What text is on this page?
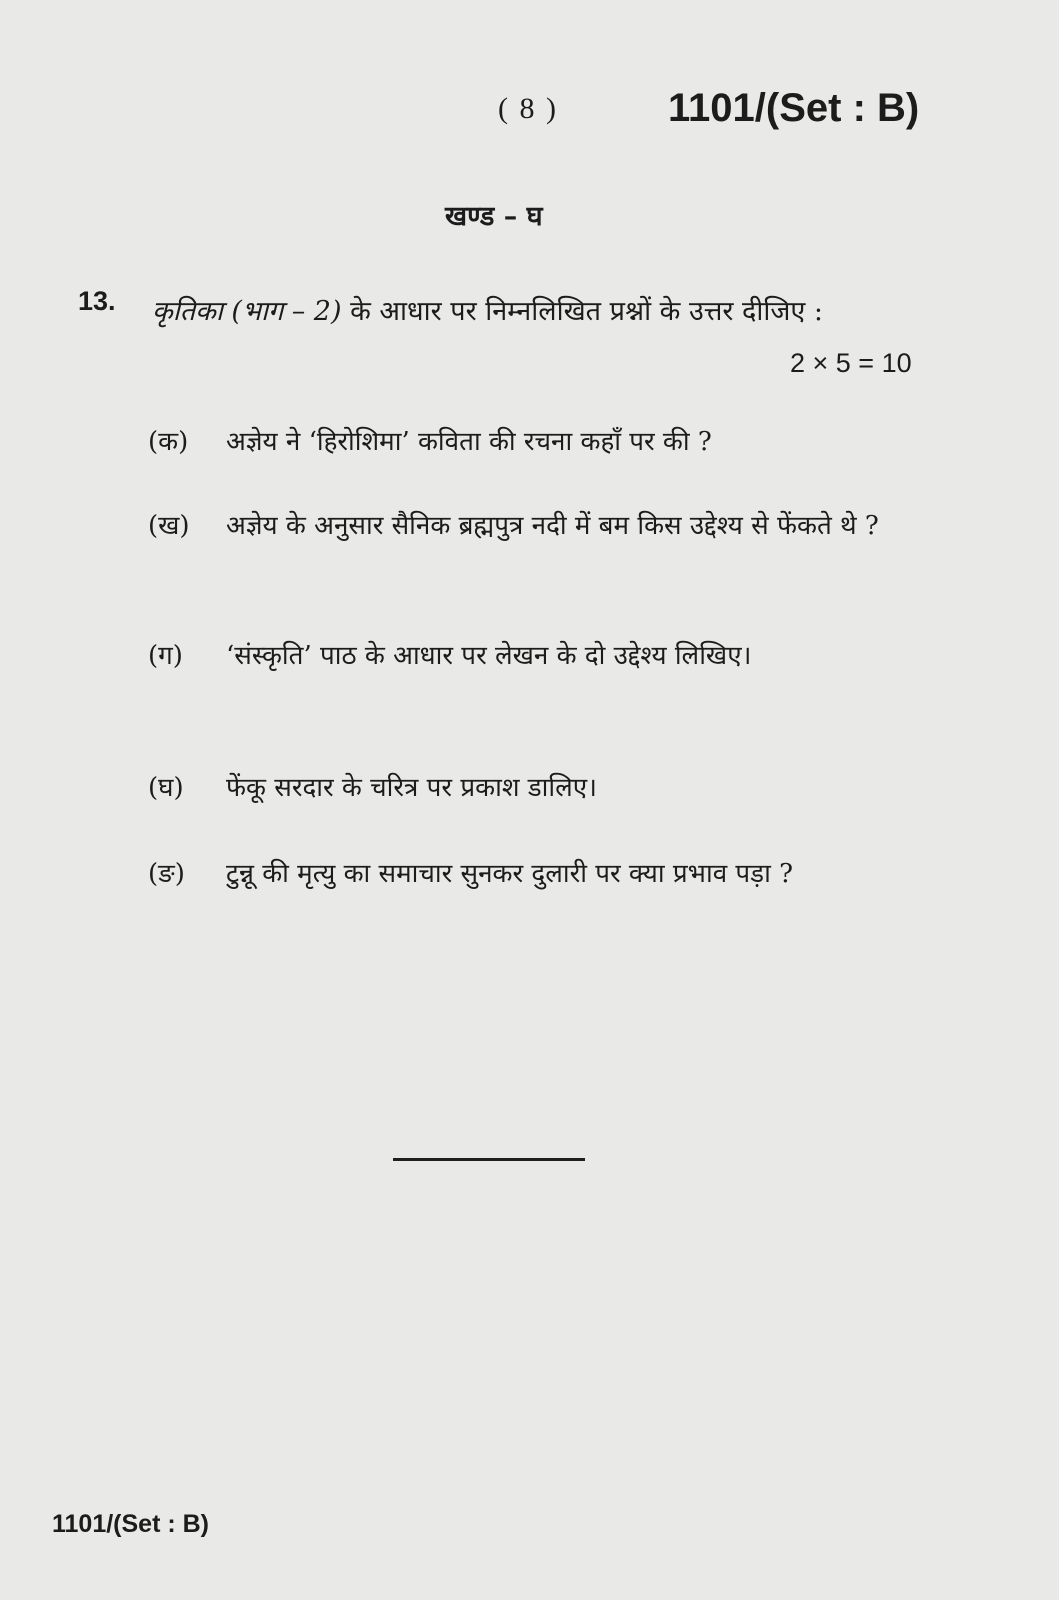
( 8 )	1101/(Set : B)
खण्ड – घ
13. कृतिका (भाग – 2) के आधार पर निम्नलिखित प्रश्नों के उत्तर दीजिए :
2 × 5 = 10
(क) अज्ञेय ने ‘हिरोशिमा’ कविता की रचना कहाँ पर की ?
(ख) अज्ञेय के अनुसार सैनिक ब्रह्मपुत्र नदी में बम किस उद्देश्य से फेंकते थे ?
(ग) ‘संस्कृति’ पाठ के आधार पर लेखन के दो उद्देश्य लिखिए।
(घ) फेंकू सरदार के चरित्र पर प्रकाश डालिए।
(ङ) टुन्नू की मृत्यु का समाचार सुनकर दुलारी पर क्या प्रभाव पड़ा ?
1101/(Set : B)
